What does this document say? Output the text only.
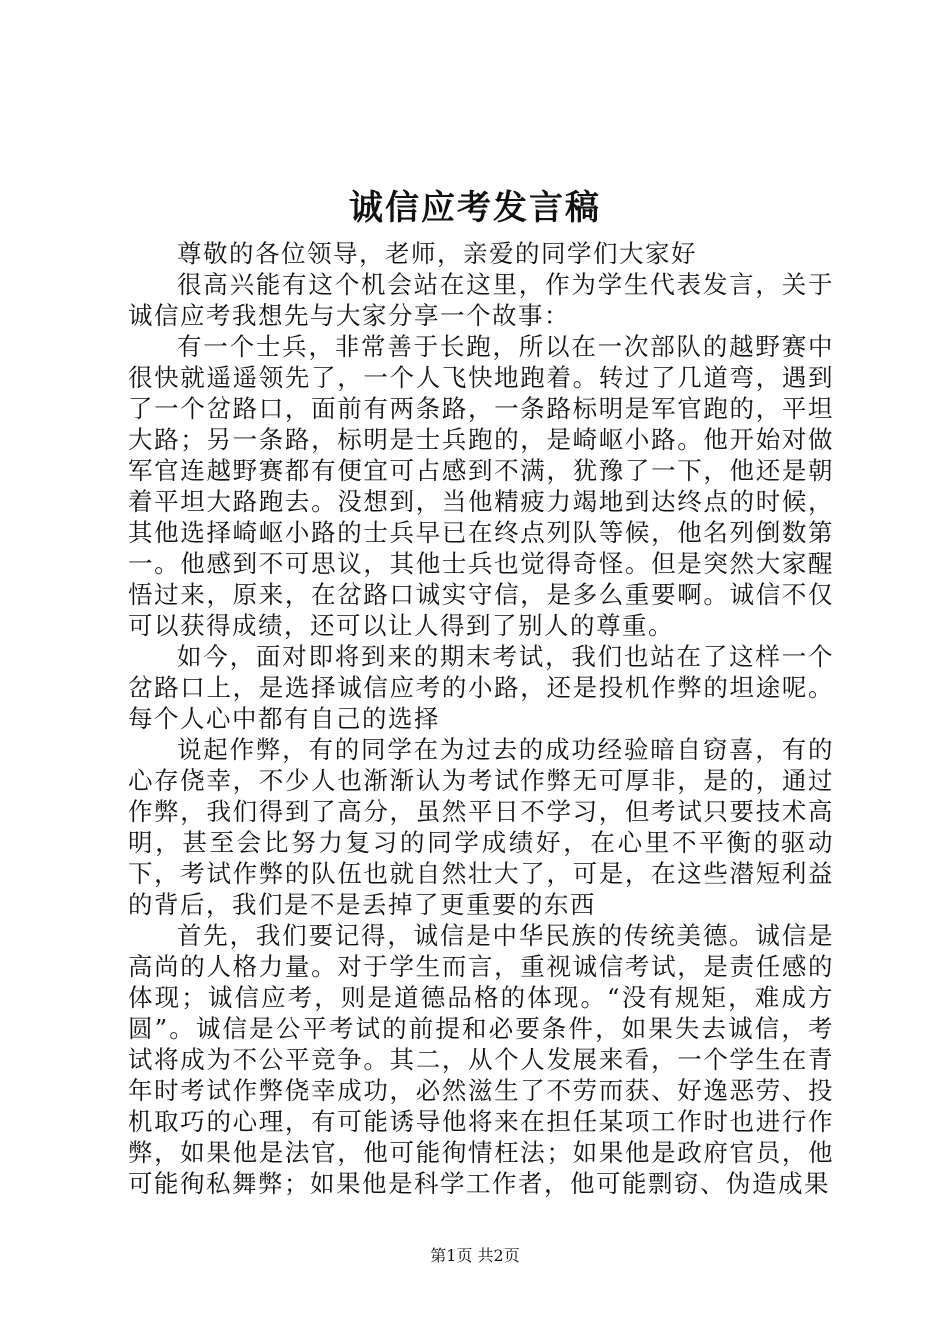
诚信应考发言稿

尊敬的各位领导，老师，亲爱的同学们大家好

很高兴能有这个机会站在这里，作为学生代表发言，关于诚信应考我想先与大家分享一个故事：

有一个士兵，非常善于长跑，所以在一次部队的越野赛中很快就遥遥领先了，一个人飞快地跑着。转过了几道弯，遇到了一个岔路口，面前有两条路，一条路标明是军官跑的，平坦大路；另一条路，标明是士兵跑的，是崎岖小路。他开始对做军官连越野赛都有便宜可占感到不满，犹豫了一下，他还是朝着平坦大路跑去。没想到，当他精疲力竭地到达终点的时候，其他选择崎岖小路的士兵早已在终点列队等候，他名列倒数第一。他感到不可思议，其他士兵也觉得奇怪。但是突然大家醒悟过来，原来，在岔路口诚实守信，是多么重要啊。诚信不仅可以获得成绩，还可以让人得到了别人的尊重。

如今，面对即将到来的期末考试，我们也站在了这样一个岔路口上，是选择诚信应考的小路，还是投机作弊的坦途呢。每个人心中都有自己的选择

说起作弊，有的同学在为过去的成功经验暗自窃喜，有的心存侥幸，不少人也渐渐认为考试作弊无可厚非，是的，通过作弊，我们得到了高分，虽然平日不学习，但考试只要技术高明，甚至会比努力复习的同学成绩好，在心里不平衡的驱动下，考试作弊的队伍也就自然壮大了，可是，在这些潜短利益的背后，我们是不是丢掉了更重要的东西

首先，我们要记得，诚信是中华民族的传统美德。诚信是高尚的人格力量。对于学生而言，重视诚信考试，是责任感的体现；诚信应考，则是道德品格的体现。“没有规矩，难成方圆”。诚信是公平考试的前提和必要条件，如果失去诚信，考试将成为不公平竞争。其二，从个人发展来看，一个学生在青年时考试作弊侥幸成功，必然滋生了不劳而获、好逸恶劳、投机取巧的心理，有可能诱导他将来在担任某项工作时也进行作弊，如果他是法官，他可能徇情枉法；如果他是政府官员，他可能徇私舞弊；如果他是科学工作者，他可能剽窃、伪造成果

第1页 共2页
